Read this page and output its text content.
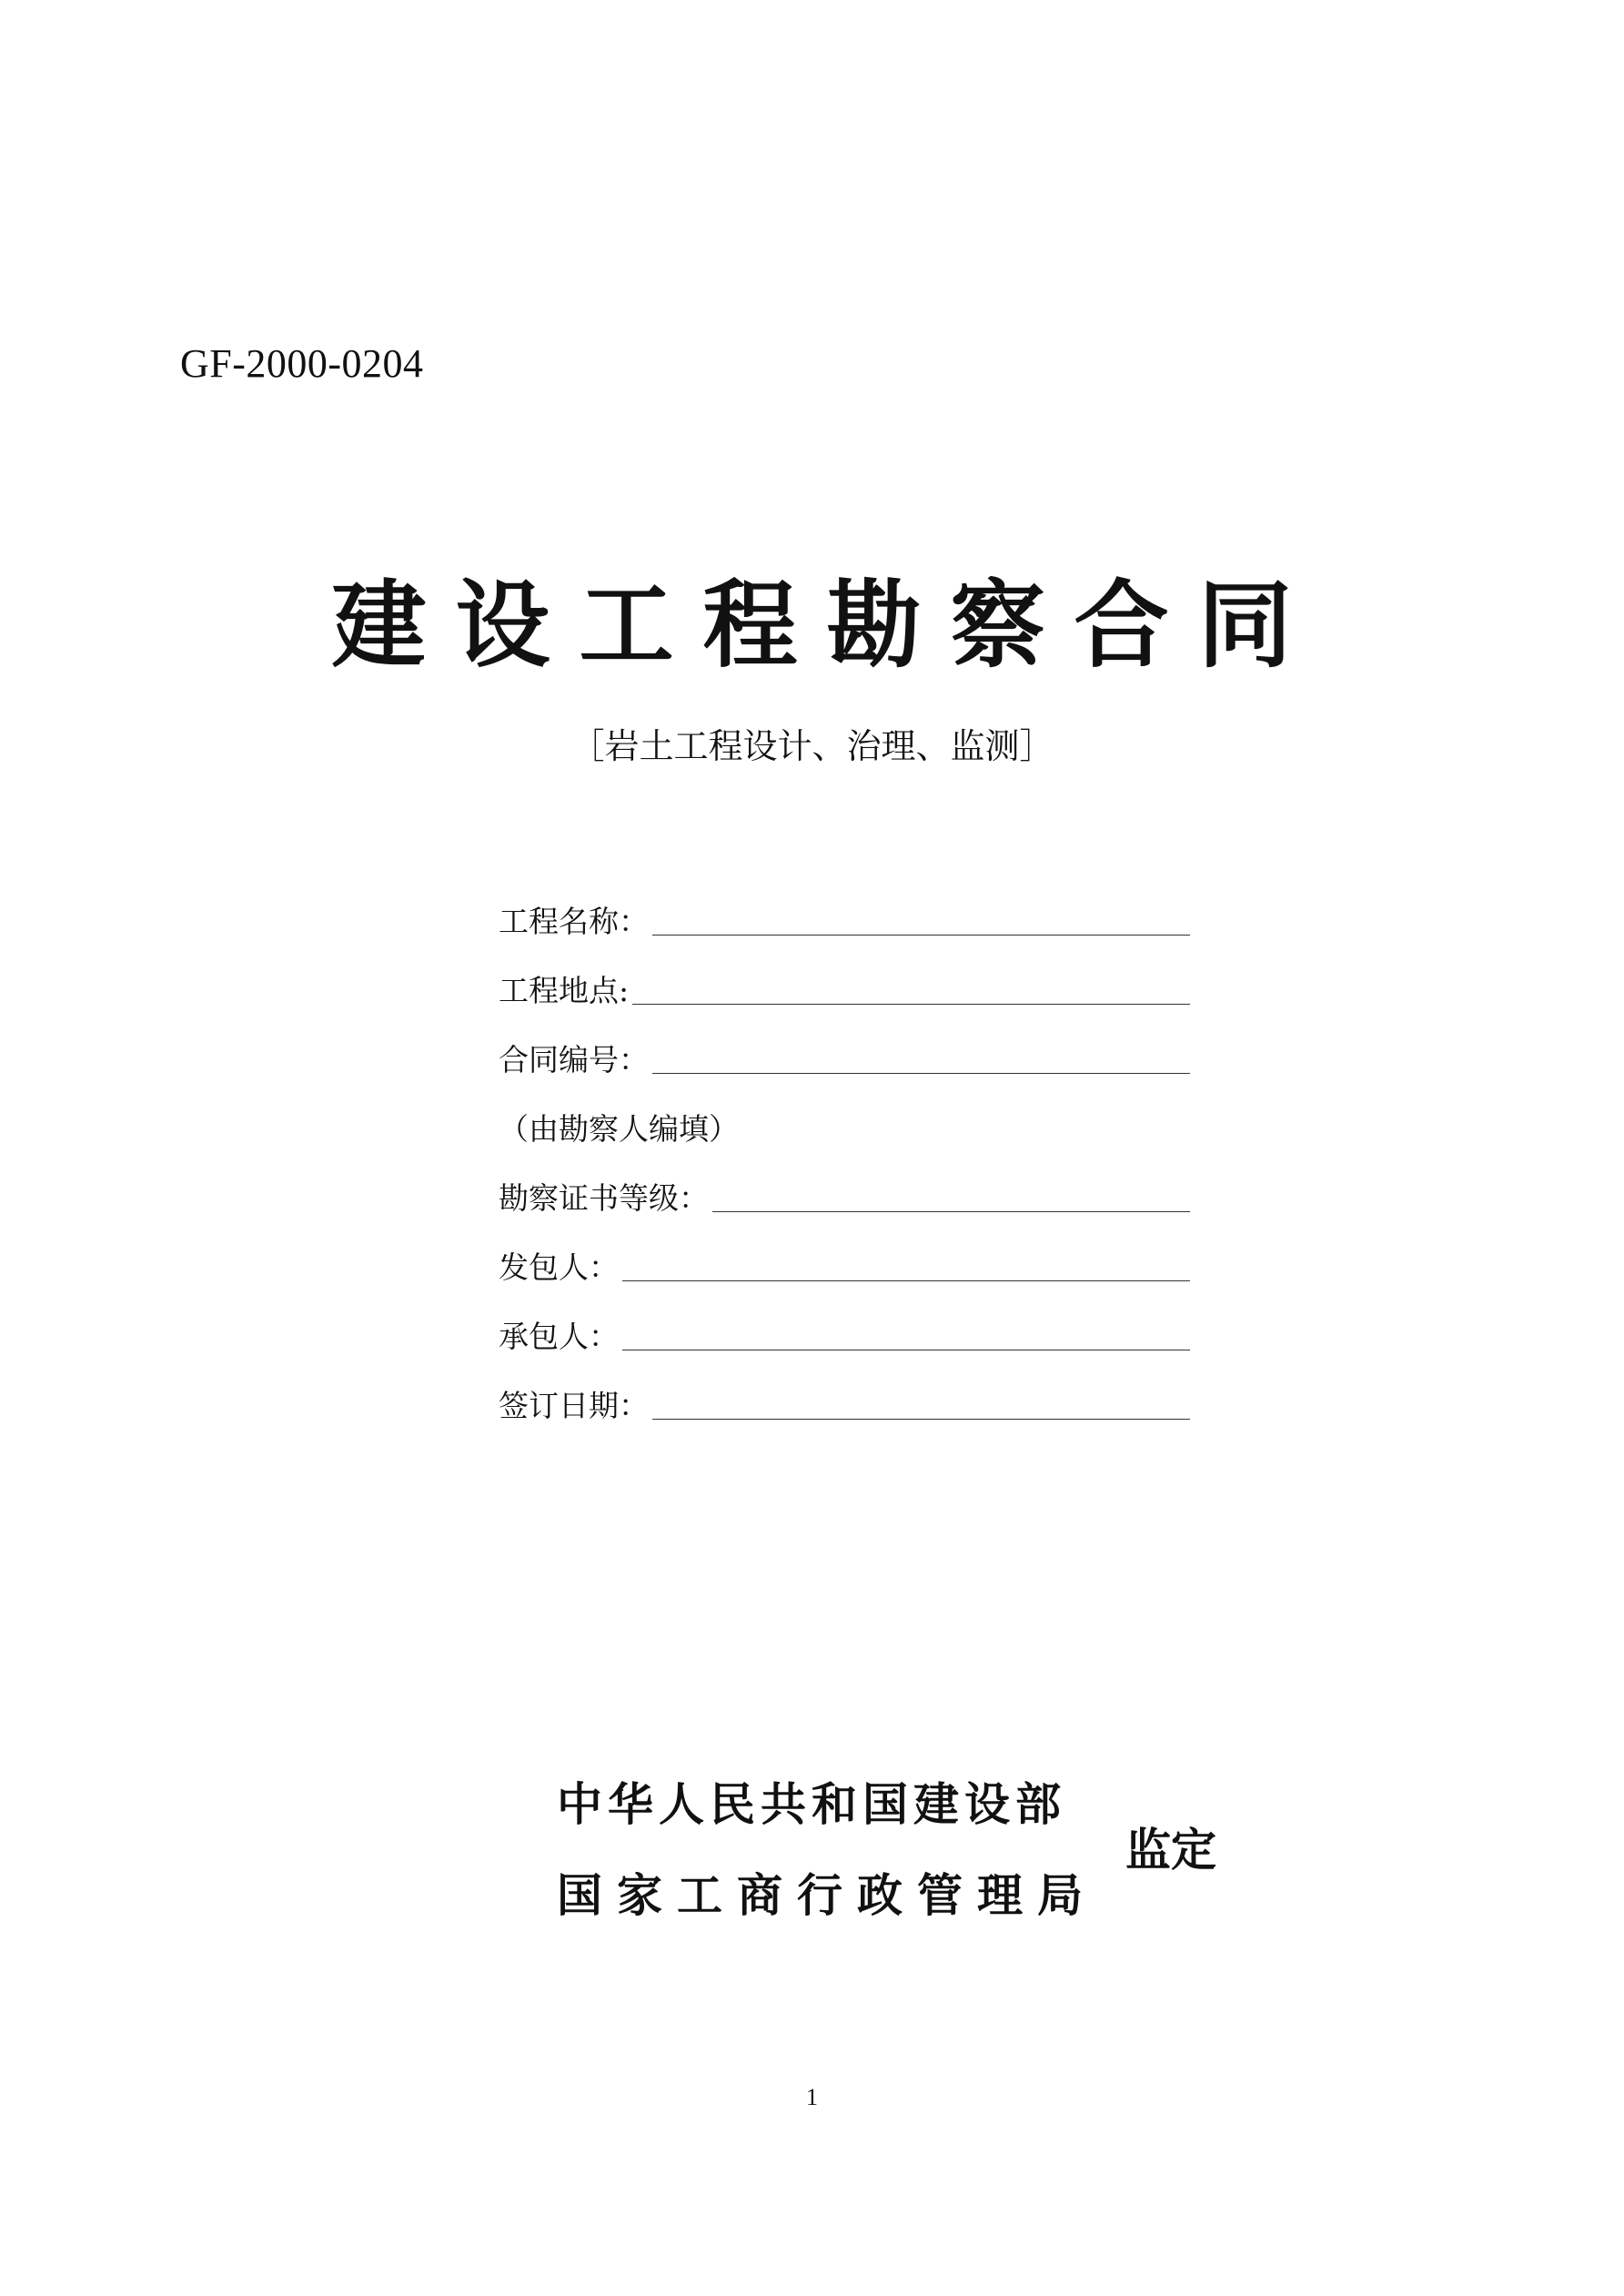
GF-2000-0204
建设工程勘察合同
［岩土工程设计、治理、监测］
工程名称：
工程地点:
合同编号：
（由勘察人编填）
勘察证书等级：
发包人：
承包人：
签订日期：
中华人民共和国建设部
国家工商行政管理局
监定
1
